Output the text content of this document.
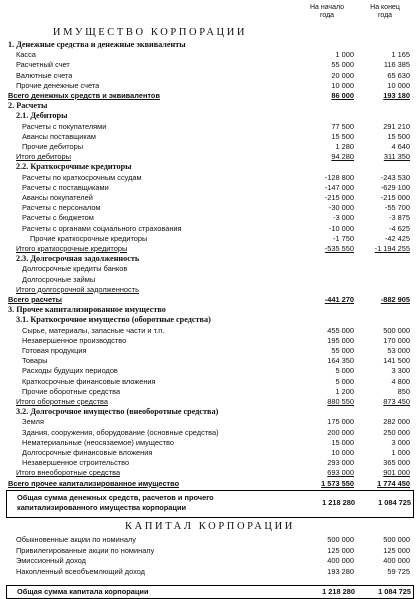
На начало
года
На конец
года
ИМУЩЕСТВО КОРПОРАЦИИ
1. Денежные средства и денежные эквиваленты
Касса	1 000	1 165
Расчетный счет	55 000	116 385
Валютные счета	20 000	65 630
Прочие денежные счета	10 000	10 000
Всего денежных средств и эквивалентов	86 000	193 180
2. Расчеты
2.1. Дебиторы
Расчеты с покупателями	77 500	291 210
Авансы поставщикам	15 500	15 500
Прочие дебиторы	1 280	4 640
Итого дебиторы	94 280	311 350
2.2. Краткосрочные кредиторы
Расчеты по краткосрочным ссудам	-128 800	-243 530
Расчеты с поставщиками	-147 000	-629 100
Авансы покупателей	-215 000	-215 000
Расчеты с персоналом	-30 000	-55 700
Расчеты с бюджетом	-3 000	-3 875
Расчеты с органами социального страхования	-10 000	-4 625
Прочие краткосрочные кредиторы	-1 750	-42 425
Итого краткосрочные кредиторы	-535 550	-1 194 255
2.3. Долгосрочная задолженность
Долгосрочные кредиты банков
Долгосрочные займы
Итого долгосрочной задолженность
Всего расчеты	-441 270	-882 905
3. Прочее капитализированное имущество
3.1. Краткосрочное имущество (оборотные средства)
Сырье, материалы, запасные части и т.п.	455 000	500 000
Незавершенное производство	195 000	170 000
Готовая продукция	55 000	53 000
Товары	164 350	141 500
Расходы будущих периодов	5 000	3 300
Краткосрочные финансовые вложения	5 000	4 800
Прочие оборотные средства	1 200	850
Итого оборотные средства	880 550	873 450
3.2. Долгосрочное имущество (внеоборотные средства)
Земля	175 000	282 000
Здания, сооружения, оборудование (основные средства)	200 000	250 000
Нематериальные (неосязаемое) имущество	15 000	3 000
Долгосрочные финансовые вложения	10 000	1 000
Незавершенное строительство	293 000	365 000
Итого внеоборотные средства	693 000	901 000
Всего прочее капитализированное имущество	1 573 550	1 774 450
Общая сумма денежных средств, расчетов и прочего
капитализированного имущества корпорации
1 218 280	1 084 725
КАПИТАЛ КОРПОРАЦИИ
Обыкновенные акции по номиналу	500 000	500 000
Привилегированные акции по номиналу	125 000	125 000
Эмиссионный доход	400 000	400 000
Накопленный всеобъемлющий доход	193 280	59 725
Общая сумма капитала корпорации	1 218 280	1 084 725
